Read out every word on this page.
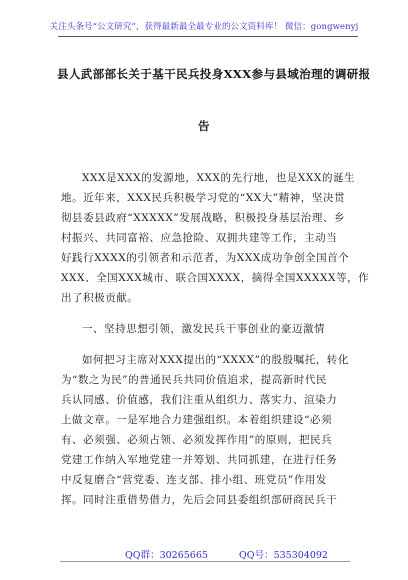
关注头条号“公文研究”，获得最新最全最专业的公文资料库！ 微信：gongwenyj
县人武部部长关于基干民兵投身XXX参与县域治理的调研报
告
XXX是XXX的发源地，XXX的先行地，也是XXX的诞生
地。近年来，XXX民兵积极学习党的“XX大”精神，坚决贯
彻县委县政府“XXXXX”发展战略，积极投身基层治理、乡
村振兴、共同富裕、应急抢险、双拥共建等工作，主动当
好践行XXXX的引领者和示范者，为XXX成功争创全国首个
XXX、全国XXX城市、联合国XXXX，摘得全国XXXXX等，作
出了积极贡献。
一、坚持思想引领，激发民兵干事创业的豪迈激情
如何把习主席对XXX提出的“XXXX”的殷殷嘱托，转化
为“数之为民”的普通民兵共同价值追求，提高新时代民
兵认同感、价值感，我们注重从组织力、落实力、渲染力
上做文章。一是军地合力建强组织。本着组织建设“必须
有、必须强、必须占领、必须发挥作用”的原则，把民兵
党建工作纳入军地党建一并筹划、共同抓建，在进行任务
中反复磨合“营党委、连支部、排小组、班党员”作用发
挥。同时注重借势借力，先后会同县委组织部研商民兵干
QQ群：30265665	QQ号：535304092
